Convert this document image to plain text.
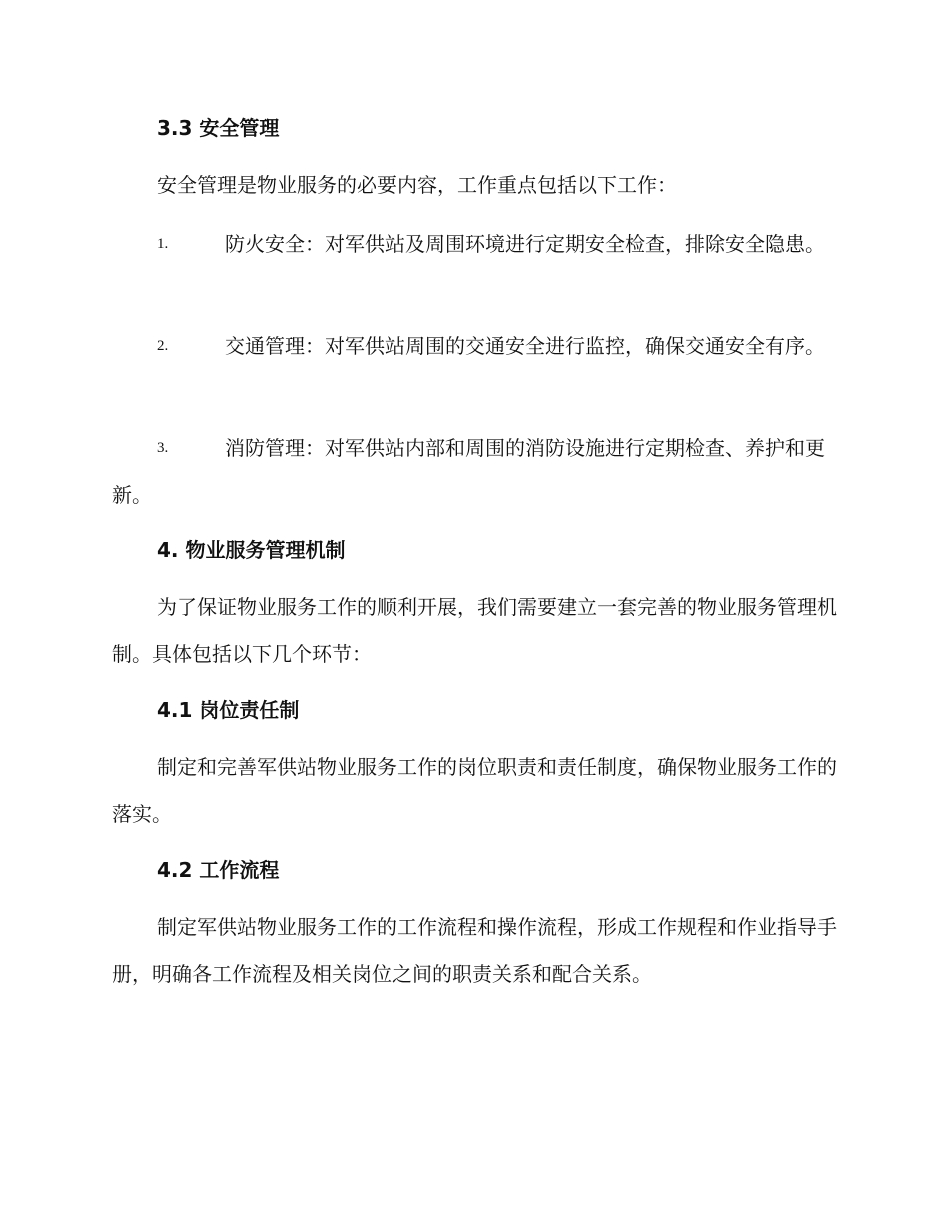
3.3 安全管理
安全管理是物业服务的必要内容，工作重点包括以下工作：
1.	防火安全：对军供站及周围环境进行定期安全检查，排除安全隐患。
2.	交通管理：对军供站周围的交通安全进行监控，确保交通安全有序。
3.	消防管理：对军供站内部和周围的消防设施进行定期检查、养护和更新。
4. 物业服务管理机制
为了保证物业服务工作的顺利开展，我们需要建立一套完善的物业服务管理机制。具体包括以下几个环节：
4.1 岗位责任制
制定和完善军供站物业服务工作的岗位职责和责任制度，确保物业服务工作的落实。
4.2 工作流程
制定军供站物业服务工作的工作流程和操作流程，形成工作规程和作业指导手册，明确各工作流程及相关岗位之间的职责关系和配合关系。
